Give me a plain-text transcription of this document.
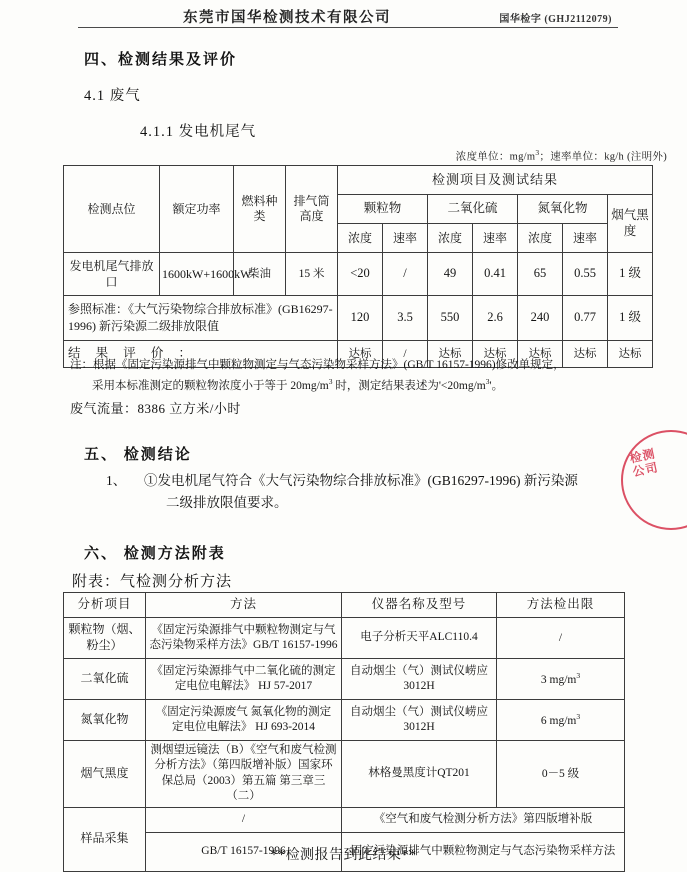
东莞市国华检测技术有限公司	国华检字 (GHJ2112079)
四、检测结果及评价
4.1 废气
4.1.1 发电机尾气
浓度单位：$mg/m^3$；速率单位：kg/h (注明外)
检测点位	额定功率	燃料种类	排气筒高度	检测项目及测试结果						
				颗粒物		二氧化硫		氮氧化物		烟气黑度
				浓度	速率	浓度	速率	浓度	速率	
发电机尾气排放口	1600kW+1600kW	柴油	15 米	<20	/	49	0.41	65	0.55	1 级
参照标准：《大气污染物综合排放标准》(GB16297-1996) 新污染源二级排放限值				120	3.5	550	2.6	240	0.77	1 级
结 果 评 价 ：				达标	/	达标	达标	达标	达标	达标
注：根据《固定污染源排气中颗粒物测定与气态污染物采样方法》(GB/T 16157-1996)修改单规定，
采用本标准测定的颗粒物浓度小于等于 $20mg/m^3$ 时，测定结果表述为'$<20mg/m^3$'。
废气流量：8386 立方米/小时
五、 检测结论
1、	①发电机尾气符合《大气污染物综合排放标准》(GB16297-1996) 新污染源
二级排放限值要求。
检测公司
六、 检测方法附表
附表：气检测分析方法
分析项目	方法	仪器名称及型号	方法检出限
颗粒物（烟、粉尘）	《固定污染源排气中颗粒物测定与气态污染物采样方法》GB/T 16157-1996	电子分析天平ALC110.4	/
二氧化硫	《固定污染源排气中二氧化硫的测定 定电位电解法》 HJ 57-2017	自动烟尘（气）测试仪崂应 3012H	3 $mg/m^3$
氮氧化物	《固定污染源废气 氮氧化物的测定 定电位电解法》 HJ 693-2014	自动烟尘（气）测试仪崂应 3012H	6 $mg/m^3$
烟气黑度	测烟望远镜法（B）《空气和废气检测分析方法》（第四版增补版）国家环保总局（2003）第五篇 第三章三（二）	林格曼黑度计QT201	0－5 级
样品采集	/	《空气和废气检测分析方法》第四版增补版	
	GB/T 16157-1996	固定污染源排气中颗粒物测定与气态污染物采样方法	
**检测报告到此结束**
